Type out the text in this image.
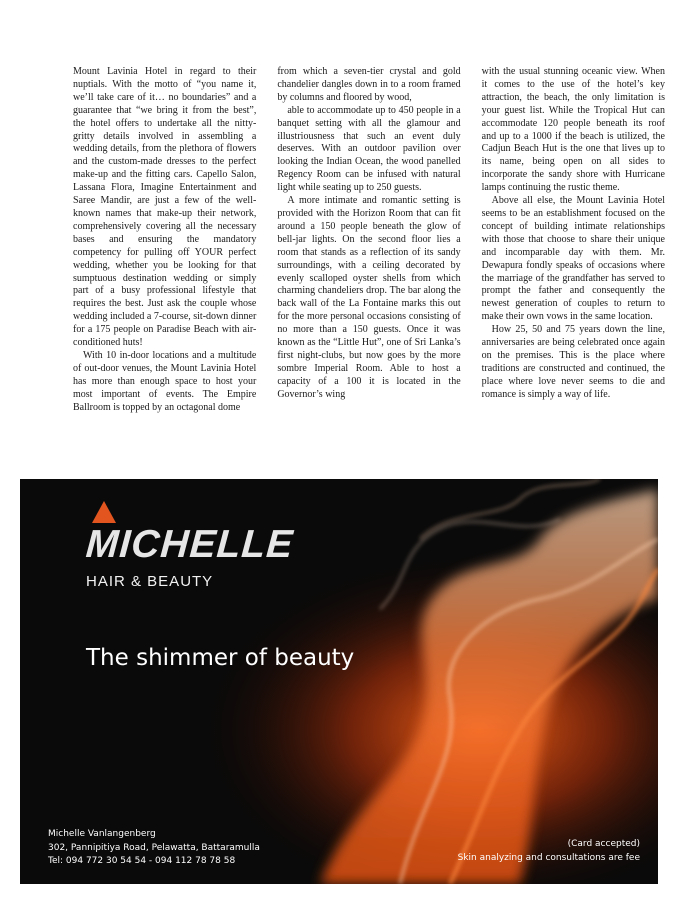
Mount Lavinia Hotel in regard to their nuptials. With the motto of “you name it, we’ll take care of it… no boundaries” and a guarantee that “we bring it from the best”, the hotel offers to undertake all the nitty-gritty details involved in assembling a wedding details, from the plethora of flowers and the custom-made dresses to the perfect make-up and the fitting cars. Capello Salon, Lassana Flora, Imagine Entertainment and Saree Mandir, are just a few of the well-known names that make-up their network, comprehensively covering all the necessary bases and ensuring the mandatory competency for pulling off YOUR perfect wedding, whether you be looking for that sumptuous destination wedding or simply part of a busy professional lifestyle that requires the best. Just ask the couple whose wedding included a 7-course, sit-down dinner for a 175 people on Paradise Beach with air-conditioned huts!

With 10 in-door locations and a multitude of out-door venues, the Mount Lavinia Hotel has more than enough space to host your most important of events. The Empire Ballroom is topped by an octagonal dome

from which a seven-tier crystal and gold chandelier dangles down in to a room framed by columns and floored by wood,

able to accommodate up to 450 people in a banquet setting with all the glamour and illustriousness that such an event duly deserves. With an outdoor pavilion over looking the Indian Ocean, the wood panelled Regency Room can be infused with natural light while seating up to 250 guests.

A more intimate and romantic setting is provided with the Horizon Room that can fit around a 150 people beneath the glow of bell-jar lights. On the second floor lies a room that stands as a reflection of its sandy surroundings, with a ceiling decorated by evenly scalloped oyster shells from which charming chandeliers drop. The bar along the back wall of the La Fontaine marks this out for the more personal occasions consisting of no more than a 150 guests. Once it was known as the “Little Hut”, one of Sri Lanka’s first night-clubs, but now goes by the more sombre Imperial Room. Able to host a capacity of a 100 it is located in the Governor’s wing

with the usual stunning oceanic view. When it comes to the use of the hotel’s key attraction, the beach, the only limitation is your guest list. While the Tropical Hut can accommodate 120 people beneath its roof and up to a 1000 if the beach is utilized, the Cadjun Beach Hut is the one that lives up to its name, being open on all sides to incorporate the sandy shore with Hurricane lamps continuing the rustic theme.

Above all else, the Mount Lavinia Hotel seems to be an establishment focused on the concept of building intimate relationships with those that choose to share their unique and incomparable day with them. Mr. Dewapura fondly speaks of occasions where the marriage of the grandfather has served to prompt the father and consequently the newest generation of couples to return to make their own vows in the same location.

How 25, 50 and 75 years down the line, anniversaries are being celebrated once again on the premises. This is the place where traditions are constructed and continued, the place where love never seems to die and romance is simply a way of life.

MICHELLE
HAIR & BEAUTY
The shimmer of beauty
Michelle Vanlangenberg
302, Pannipitiya Road, Pelawatta, Battaramulla
Tel: 094 772 30 54 54 - 094 112 78 78 58
(Card accepted)
Skin analyzing and consultations are fee
